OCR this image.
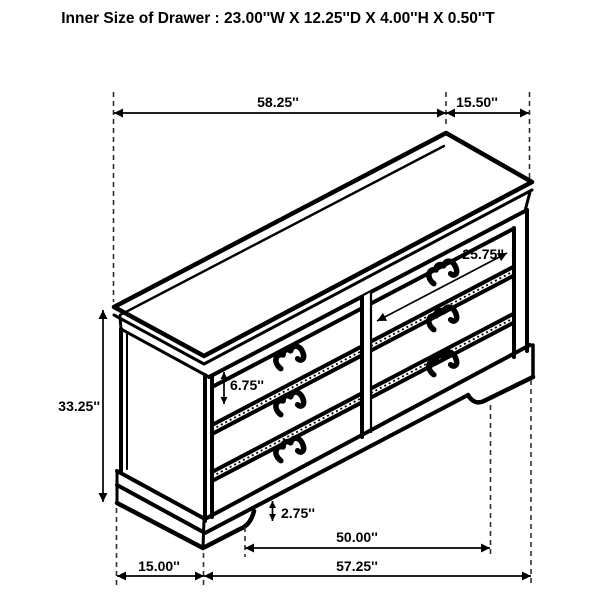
Inner Size of Drawer : 23.00''W X 12.25''D X 4.00''H X 0.50''T
58.25''	15.50''
33.25''
6.75''
25.75''
2.75''
50.00''
57.25''
15.00''
